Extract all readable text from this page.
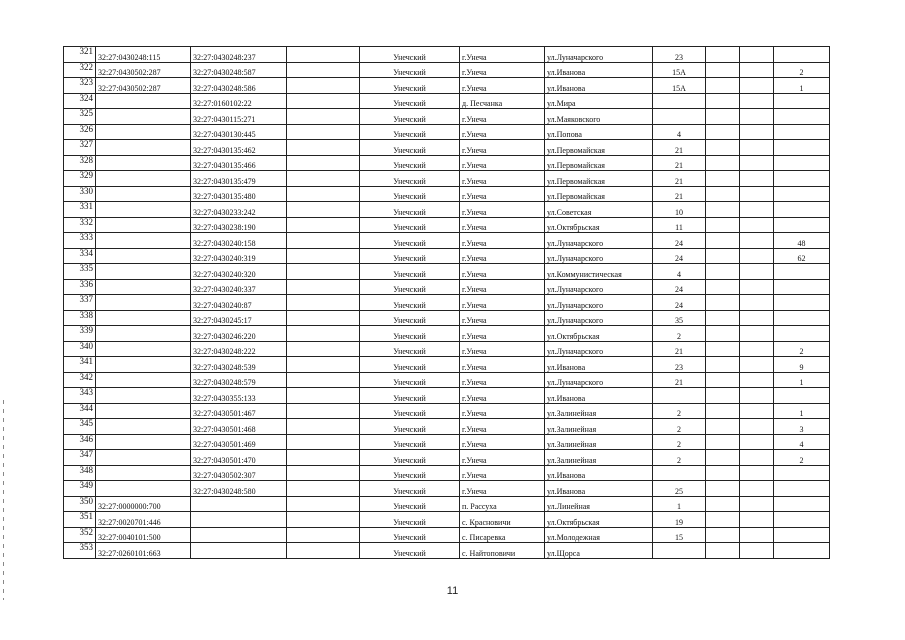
321	32:27:0430248:115	32:27:0430248:237		Унечский	г.Унеча	ул.Луначарского	23			
322	32:27:0430502:287	32:27:0430248:587		Унечский	г.Унеча	ул.Иванова	15А			2
323	32:27:0430502:287	32:27:0430248:586		Унечский	г.Унеча	ул.Иванова	15А			1
324		32:27:0160102:22		Унечский	д. Песчанка	ул.Мира				
325		32:27:0430115:271		Унечский	г.Унеча	ул.Маяковского				
326		32:27:0430130:445		Унечский	г.Унеча	ул.Попова	4			
327		32:27:0430135:462		Унечский	г.Унеча	ул.Первомайская	21			
328		32:27:0430135:466		Унечский	г.Унеча	ул.Первомайская	21			
329		32:27:0430135:479		Унечский	г.Унеча	ул.Первомайская	21			
330		32:27:0430135:480		Унечский	г.Унеча	ул.Первомайская	21			
331		32:27:0430233:242		Унечский	г.Унеча	ул.Советская	10			
332		32:27:0430238:190		Унечский	г.Унеча	ул.Октябрьская	11			
333		32:27:0430240:158		Унечский	г.Унеча	ул.Луначарского	24			48
334		32:27:0430240:319		Унечский	г.Унеча	ул.Луначарского	24			62
335		32:27:0430240:320		Унечский	г.Унеча	ул.Коммунистическая	4			
336		32:27:0430240:337		Унечский	г.Унеча	ул.Луначарского	24			
337		32:27:0430240:87		Унечский	г.Унеча	ул.Луначарского	24			
338		32:27:0430245:17		Унечский	г.Унеча	ул.Луначарского	35			
339		32:27:0430246:220		Унечский	г.Унеча	ул.Октябрьская	2			
340		32:27:0430248:222		Унечский	г.Унеча	ул.Луначарского	21			2
341		32:27:0430248:539		Унечский	г.Унеча	ул.Иванова	23			9
342		32:27:0430248:579		Унечский	г.Унеча	ул.Луначарского	21			1
343		32:27:0430355:133		Унечский	г.Унеча	ул.Иванова				
344		32:27:0430501:467		Унечский	г.Унеча	ул.Залинейная	2			1
345		32:27:0430501:468		Унечский	г.Унеча	ул.Залинейная	2			3
346		32:27:0430501:469		Унечский	г.Унеча	ул.Залинейная	2			4
347		32:27:0430501:470		Унечский	г.Унеча	ул.Залинейная	2			2
348		32:27:0430502:307		Унечский	г.Унеча	ул.Иванова				
349		32:27:0430248:580		Унечский	г.Унеча	ул.Иванова	25			
350	32:27:0000000:700			Унечский	п. Рассуха	ул.Линейная	1			
351	32:27:0020701:446			Унечский	с. Красновичи	ул.Октябрьская	19			
352	32:27:0040101:500			Унечский	с. Писаревка	ул.Молодежная	15			
353	32:27:0260101:663			Унечский	с. Найтоповичи	ул.Щорса				
11
